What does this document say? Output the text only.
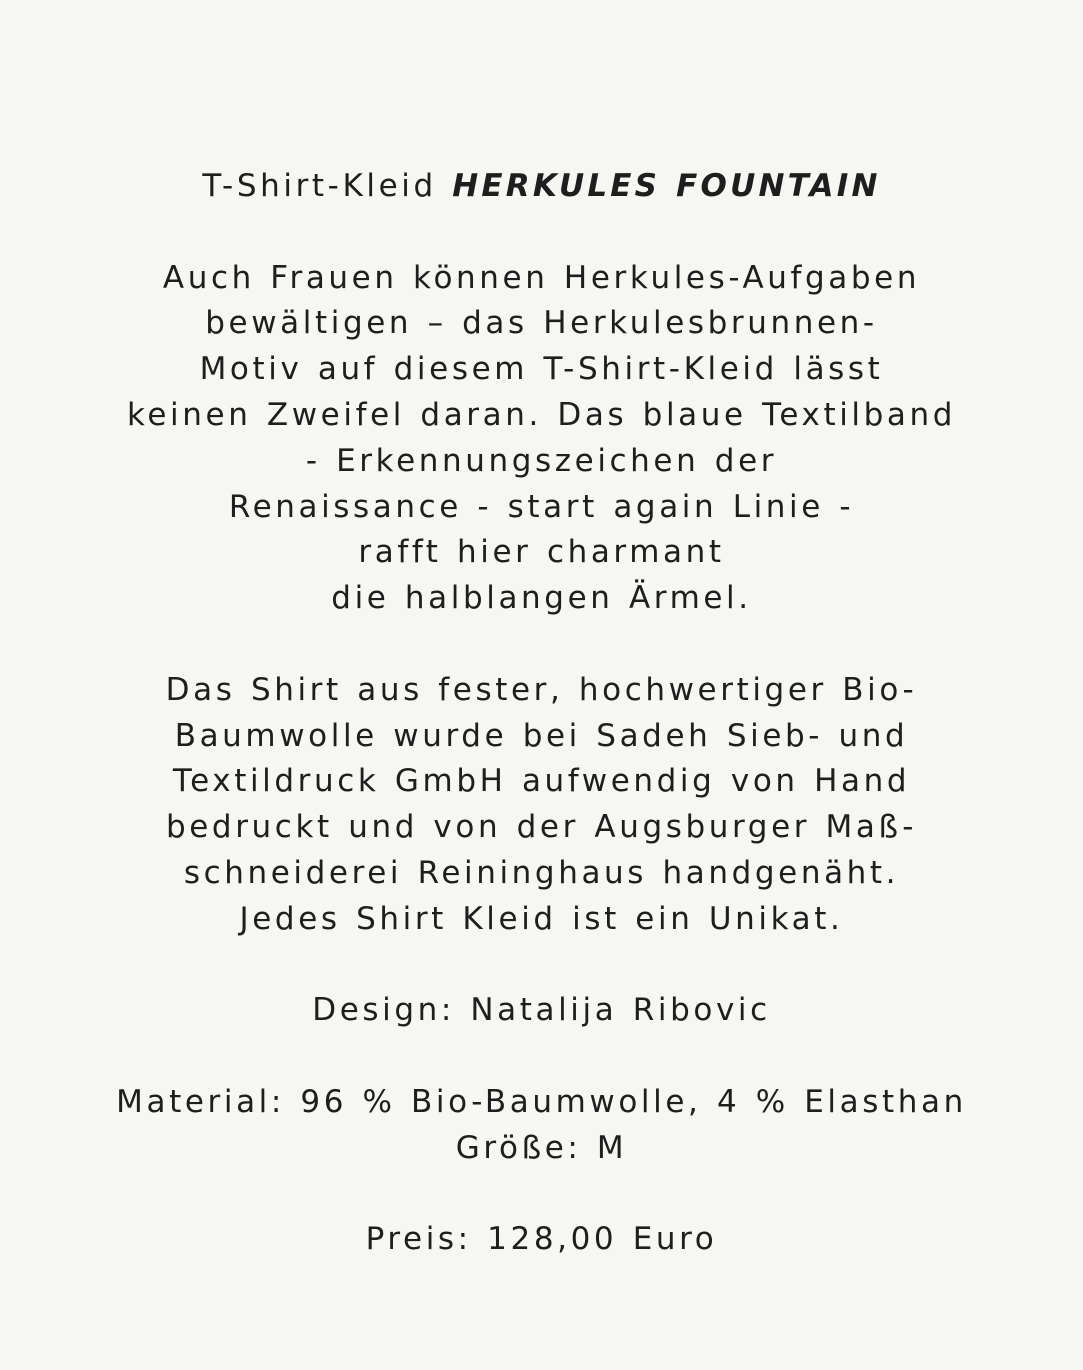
T-Shirt-Kleid HERKULES FOUNTAIN
Auch Frauen können Herkules-Aufgaben
bewältigen – das Herkulesbrunnen-
Motiv auf diesem T-Shirt-Kleid lässt
keinen Zweifel daran. Das blaue Textilband
- Erkennungszeichen der
Renaissance - start again Linie -
rafft hier charmant
die halblangen Ärmel.
Das Shirt aus fester, hochwertiger Bio-
Baumwolle wurde bei Sadeh Sieb- und
Textildruck GmbH aufwendig von Hand
bedruckt und von der Augsburger Maß-
schneiderei Reininghaus handgenäht.
Jedes Shirt Kleid ist ein Unikat.
Design: Natalija Ribovic
Material: 96 % Bio-Baumwolle, 4 % Elasthan
Größe: M
Preis: 128,00 Euro
